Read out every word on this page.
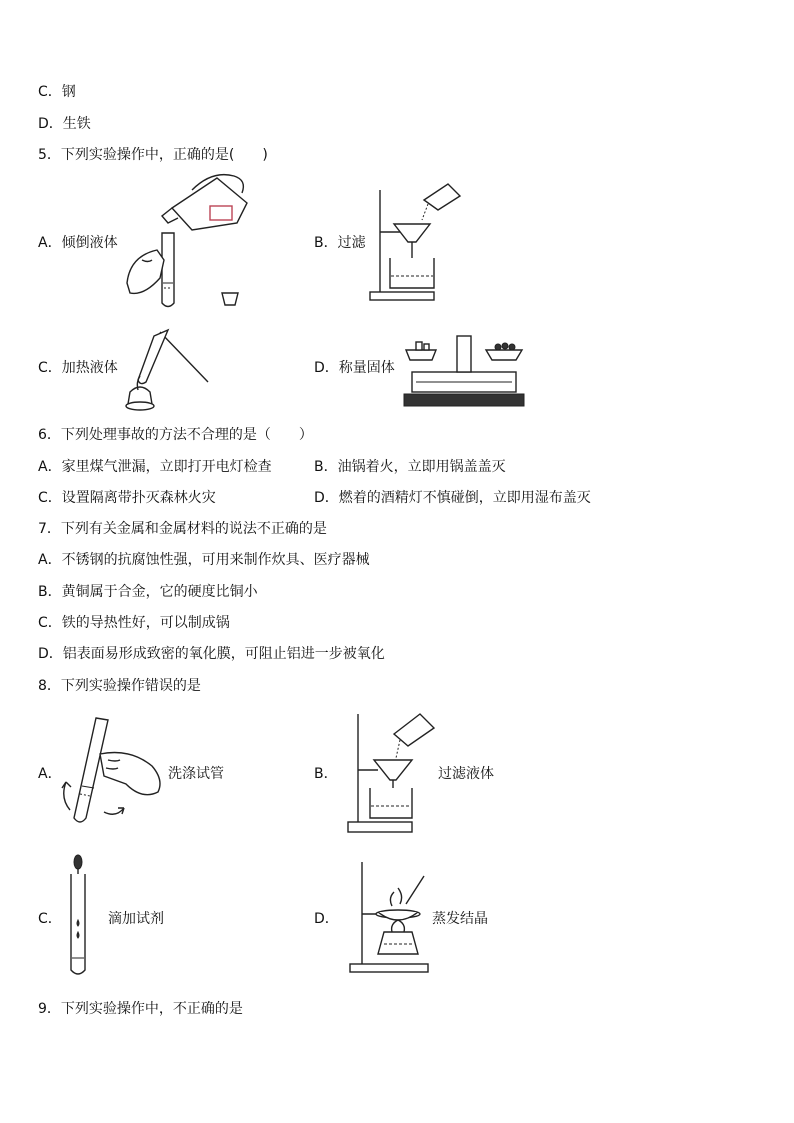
C．钢
D．生铁
5．下列实验操作中，正确的是(　　)
A．倾倒液体	B．过滤
C．加热液体	D．称量固体
6．下列处理事故的方法不合理的是（　　）
A．家里煤气泄漏，立即打开电灯检查	B．油锅着火，立即用锅盖盖灭
C．设置隔离带扑灭森林火灾	D．燃着的酒精灯不慎碰倒，立即用湿布盖灭
7．下列有关金属和金属材料的说法不正确的是
A．不锈钢的抗腐蚀性强，可用来制作炊具、医疗器械
B．黄铜属于合金，它的硬度比铜小
C．铁的导热性好，可以制成锅
D．铝表面易形成致密的氧化膜，可阻止铝进一步被氧化
8．下列实验操作错误的是
A．	洗涤试管	B．	过滤液体
C．	滴加试剂	D．	蒸发结晶
9．下列实验操作中，不正确的是
